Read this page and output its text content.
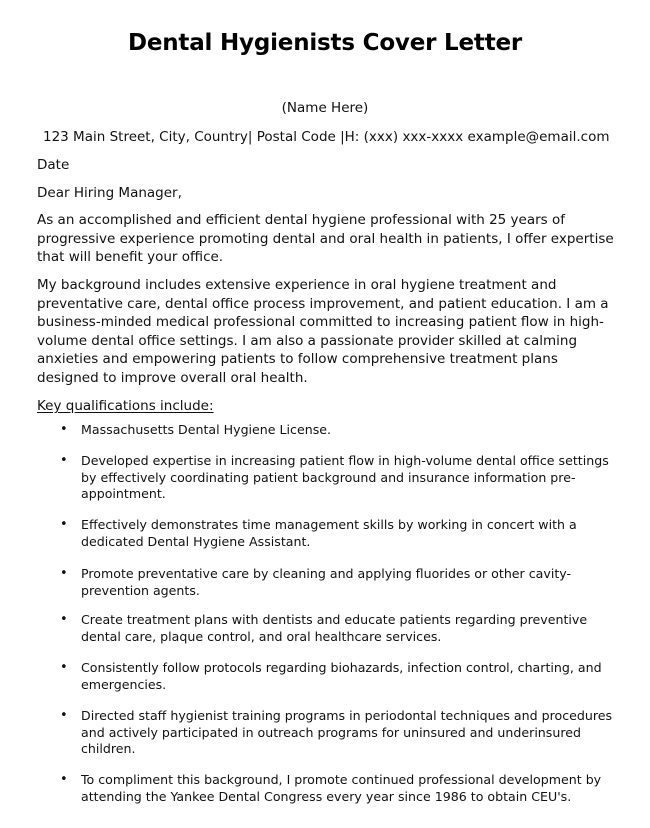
Dental Hygienists Cover Letter
(Name Here)
123 Main Street, City, Country| Postal Code |H: (xxx) xxx-xxxx example@email.com
Date
Dear Hiring Manager,

As an accomplished and efficient dental hygiene professional with 25 years of progressive experience promoting dental and oral health in patients, I offer expertise that will benefit your office.

My background includes extensive experience in oral hygiene treatment and preventative care, dental office process improvement, and patient education. I am a business-minded medical professional committed to increasing patient flow in high-volume dental office settings. I am also a passionate provider skilled at calming anxieties and empowering patients to follow comprehensive treatment plans designed to improve overall oral health.

Key qualifications include:
• Massachusetts Dental Hygiene License.
• Developed expertise in increasing patient flow in high-volume dental office settings by effectively coordinating patient background and insurance information pre-appointment.
• Effectively demonstrates time management skills by working in concert with a dedicated Dental Hygiene Assistant.
• Promote preventative care by cleaning and applying fluorides or other cavity-prevention agents.
• Create treatment plans with dentists and educate patients regarding preventive dental care, plaque control, and oral healthcare services.
• Consistently follow protocols regarding biohazards, infection control, charting, and emergencies.
• Directed staff hygienist training programs in periodontal techniques and procedures and actively participated in outreach programs for uninsured and underinsured children.
• To compliment this background, I promote continued professional development by attending the Yankee Dental Congress every year since 1986 to obtain CEU's.
